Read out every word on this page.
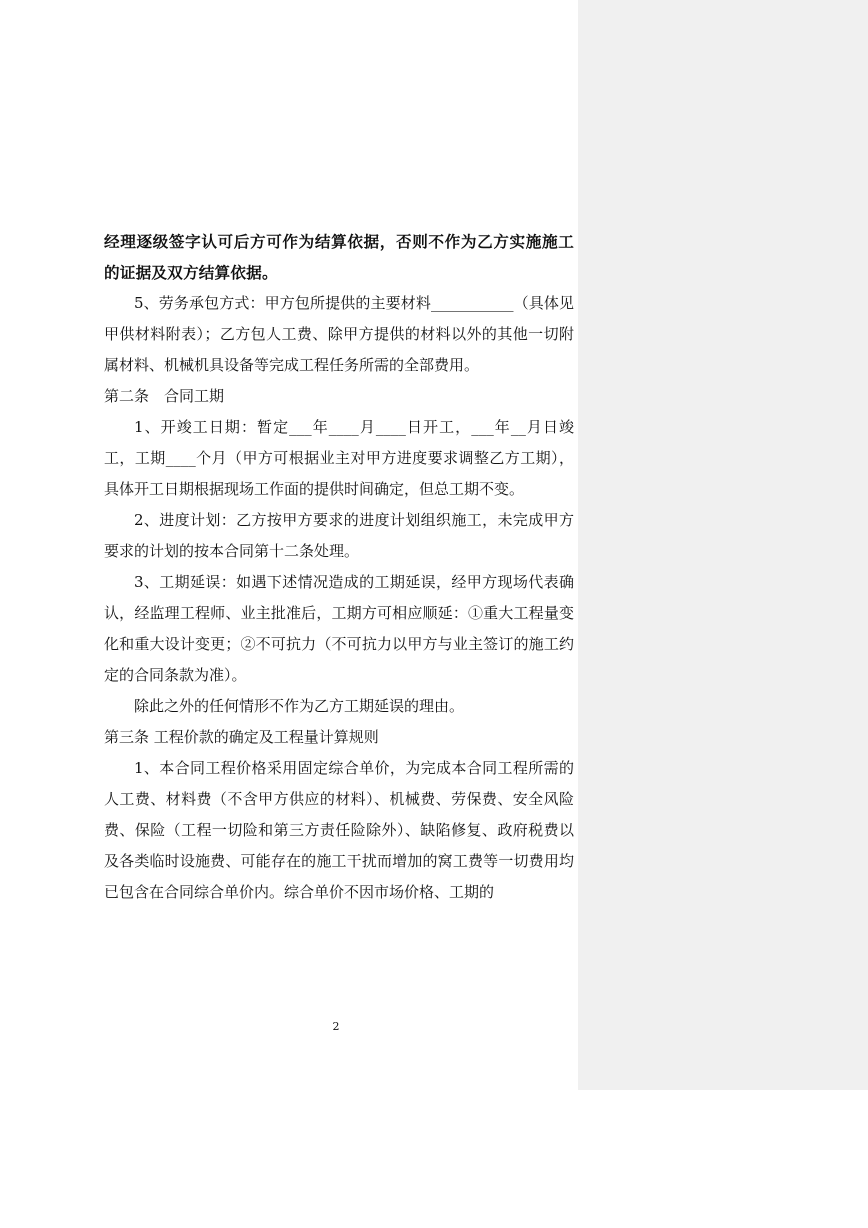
经理逐级签字认可后方可作为结算依据，否则不作为乙方实施施工的证据及双方结算依据。

5、劳务承包方式：甲方包所提供的主要材料___________（具体见甲供材料附表）；乙方包人工费、除甲方提供的材料以外的其他一切附属材料、机械机具设备等完成工程任务所需的全部费用。

第二条　合同工期

1、开竣工日期：暂定___年____月____日开工，___年__月日竣工，工期____个月（甲方可根据业主对甲方进度要求调整乙方工期），具体开工日期根据现场工作面的提供时间确定，但总工期不变。

2、进度计划：乙方按甲方要求的进度计划组织施工，未完成甲方要求的计划的按本合同第十二条处理。

3、工期延误：如遇下述情况造成的工期延误，经甲方现场代表确认，经监理工程师、业主批准后，工期方可相应顺延：①重大工程量变化和重大设计变更；②不可抗力（不可抗力以甲方与业主签订的施工约定的合同条款为准）。

除此之外的任何情形不作为乙方工期延误的理由。

第三条 工程价款的确定及工程量计算规则

1、本合同工程价格采用固定综合单价，为完成本合同工程所需的人工费、材料费（不含甲方供应的材料）、机械费、劳保费、安全风险费、保险（工程一切险和第三方责任险除外）、缺陷修复、政府税费以及各类临时设施费、可能存在的施工干扰而增加的窝工费等一切费用均已包含在合同综合单价内。综合单价不因市场价格、工期的

2
